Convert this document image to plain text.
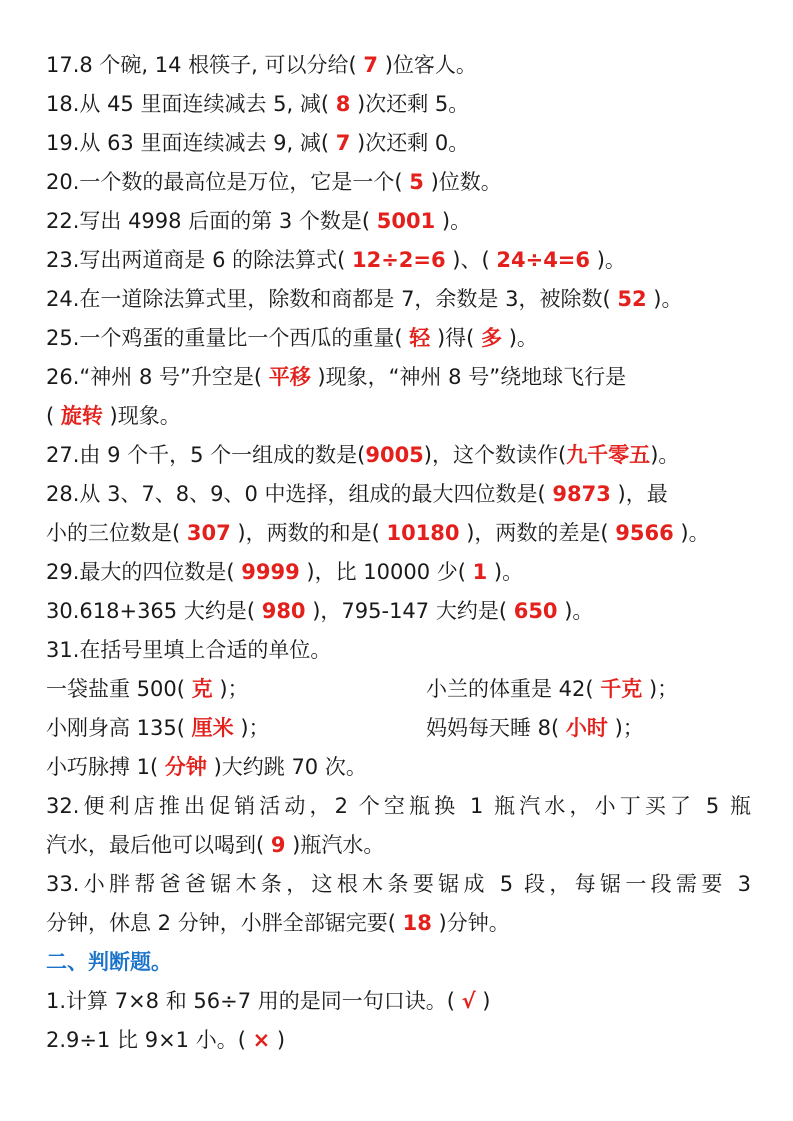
17.8 个碗, 14 根筷子, 可以分给( 7 )位客人。
18.从 45 里面连续减去 5, 减( 8 )次还剩 5。
19.从 63 里面连续减去 9, 减( 7 )次还剩 0。
20.一个数的最高位是万位，它是一个( 5 )位数。
22.写出 4998 后面的第 3 个数是( 5001 )。
23.写出两道商是 6 的除法算式( 12÷2=6 )、( 24÷4=6 )。
24.在一道除法算式里，除数和商都是 7，余数是 3，被除数( 52 )。
25.一个鸡蛋的重量比一个西瓜的重量( 轻 )得( 多 )。
26.“神州 8 号”升空是( 平移 )现象，“神州 8 号”绕地球飞行是
( 旋转 )现象。
27.由 9 个千，5 个一组成的数是(9005)，这个数读作(九千零五)。
28.从 3、7、8、9、0 中选择，组成的最大四位数是( 9873 )，最
小的三位数是( 307 )，两数的和是( 10180 )，两数的差是( 9566 )。
29.最大的四位数是( 9999 )，比 10000 少( 1 )。
30.618+365 大约是( 980 )，795-147 大约是( 650 )。
31.在括号里填上合适的单位。
一袋盐重 500( 克 )；	小兰的体重是 42( 千克 )；
小刚身高 135( 厘米 )；	妈妈每天睡 8( 小时 )；
小巧脉搏 1( 分钟 )大约跳 70 次。
32.便利店推出促销活动，2 个空瓶换 1 瓶汽水，小丁买了 5 瓶
汽水，最后他可以喝到( 9 )瓶汽水。
33.小胖帮爸爸锯木条，这根木条要锯成 5 段，每锯一段需要 3
分钟，休息 2 分钟，小胖全部锯完要( 18 )分钟。
二、判断题。
1.计算 7×8 和 56÷7 用的是同一句口诀。( √ )
2.9÷1 比 9×1 小。( × )
